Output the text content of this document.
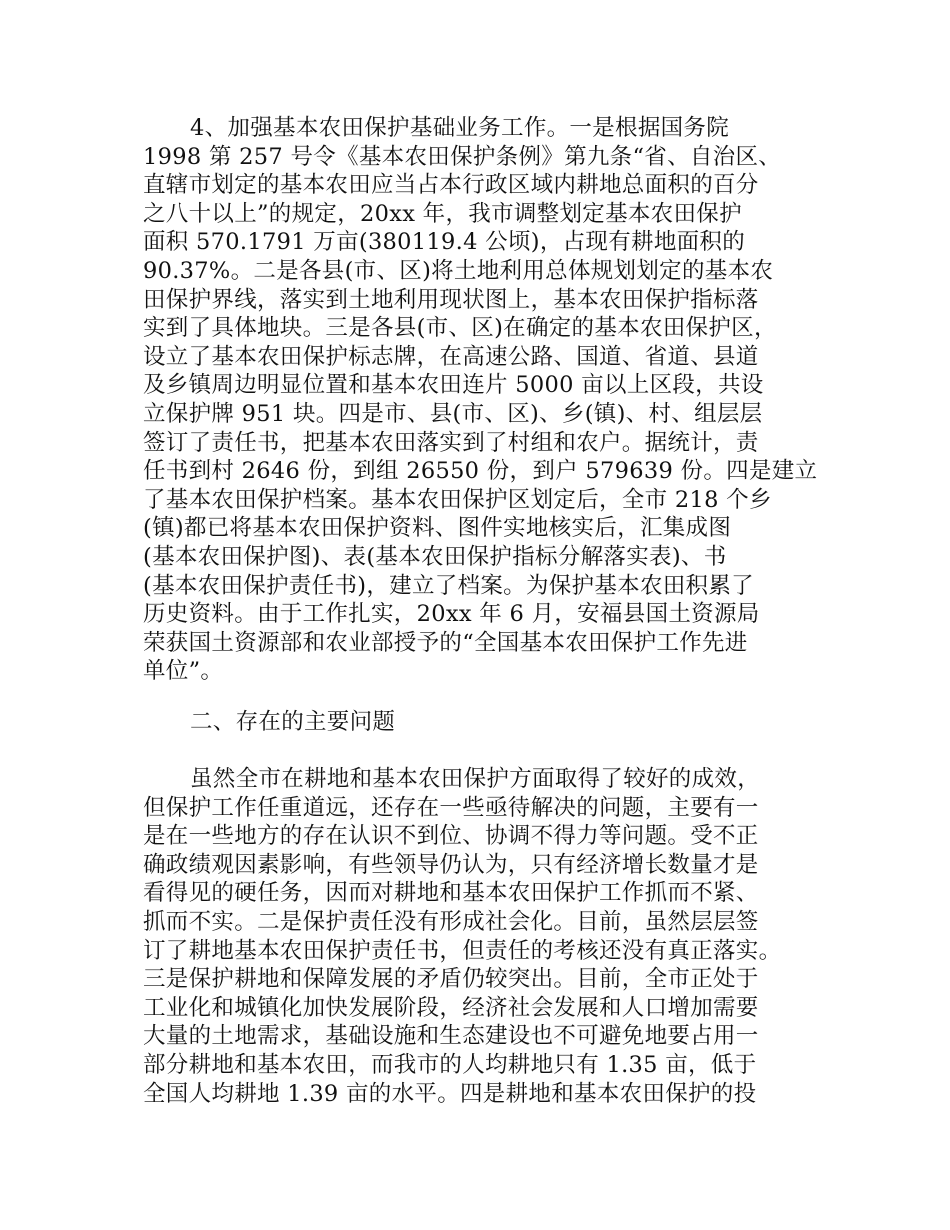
4、加强基本农田保护基础业务工作。一是根据国务院
1998 第 257 号令《基本农田保护条例》第九条“省、自治区、
直辖市划定的基本农田应当占本行政区域内耕地总面积的百分
之八十以上”的规定，20xx 年，我市调整划定基本农田保护
面积 570.1791 万亩(380119.4 公顷)，占现有耕地面积的
90.37%。二是各县(市、区)将土地利用总体规划划定的基本农
田保护界线，落实到土地利用现状图上，基本农田保护指标落
实到了具体地块。三是各县(市、区)在确定的基本农田保护区，
设立了基本农田保护标志牌，在高速公路、国道、省道、县道
及乡镇周边明显位置和基本农田连片 5000 亩以上区段，共设
立保护牌 951 块。四是市、县(市、区)、乡(镇)、村、组层层
签订了责任书，把基本农田落实到了村组和农户。据统计，责
任书到村 2646 份，到组 26550 份，到户 579639 份。四是建立
了基本农田保护档案。基本农田保护区划定后，全市 218 个乡
(镇)都已将基本农田保护资料、图件实地核实后，汇集成图
(基本农田保护图)、表(基本农田保护指标分解落实表)、书
(基本农田保护责任书)，建立了档案。为保护基本农田积累了
历史资料。由于工作扎实，20xx 年 6 月，安福县国土资源局
荣获国土资源部和农业部授予的“全国基本农田保护工作先进
单位”。
二、存在的主要问题
虽然全市在耕地和基本农田保护方面取得了较好的成效，
但保护工作任重道远，还存在一些亟待解决的问题，主要有一
是在一些地方的存在认识不到位、协调不得力等问题。受不正
确政绩观因素影响，有些领导仍认为，只有经济增长数量才是
看得见的硬任务，因而对耕地和基本农田保护工作抓而不紧、
抓而不实。二是保护责任没有形成社会化。目前，虽然层层签
订了耕地基本农田保护责任书，但责任的考核还没有真正落实。
三是保护耕地和保障发展的矛盾仍较突出。目前，全市正处于
工业化和城镇化加快发展阶段，经济社会发展和人口增加需要
大量的土地需求，基础设施和生态建设也不可避免地要占用一
部分耕地和基本农田，而我市的人均耕地只有 1.35 亩，低于
全国人均耕地 1.39 亩的水平。四是耕地和基本农田保护的投
